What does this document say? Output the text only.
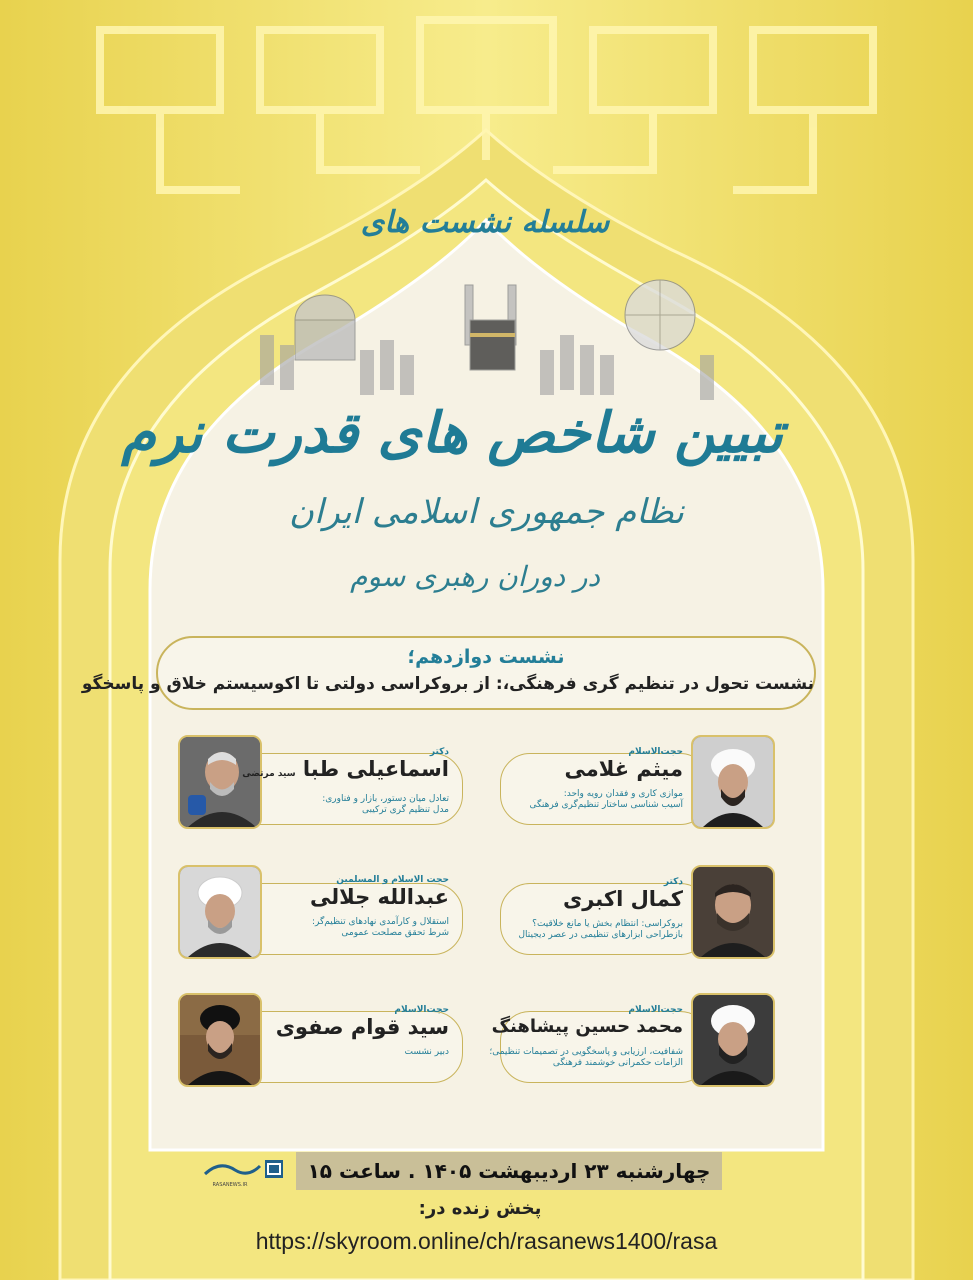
سلسله نشست های
تبیین شاخص های قدرت نرم
نظام جمهوری اسلامی ایران
در دوران رهبری سوم
نشست دوازدهم؛
نشست تحول در تنظیم گری فرهنگی،: از بروکراسی دولتی تا اکوسیستم خلاق و پاسخگو
حجت‌الاسلام
میثم غلامی
موازی کاری و فقدان رویه واحد:
آسیب شناسی ساختار تنظیم‌گری فرهنگی
دکتر
اسماعیلی طبا سید مرتضی
تعادل میان دستور، بازار و فناوری:
مدل تنظیم گری ترکیبی
دکتر
کمال اکبری
بروکراسی: انتظام بخش یا مانع خلاقیت؟
بازطراحی ابزارهای تنظیمی در عصر دیجیتال
حجت الاسلام و المسلمین
عبدالله جلالی
استقلال و کارآمدی نهادهای تنظیم‌گر:
شرط تحقق مصلحت عمومی
حجت‌الاسلام
محمد حسین پیشاهنگ
شفافیت، ارزیابی و پاسخگویی در تصمیمات تنظیمی؛
الزامات حکمرانی خوشمند فرهنگی
حجت‌الاسلام
سید قوام صفوی
دبیر نشست
RASANEWS.IR
چهارشنبه ۲۳ اردیبهشت ۱۴۰۵ . ساعت ۱۵
پخش زنده در:
https://skyroom.online/ch/rasanews1400/rasa
